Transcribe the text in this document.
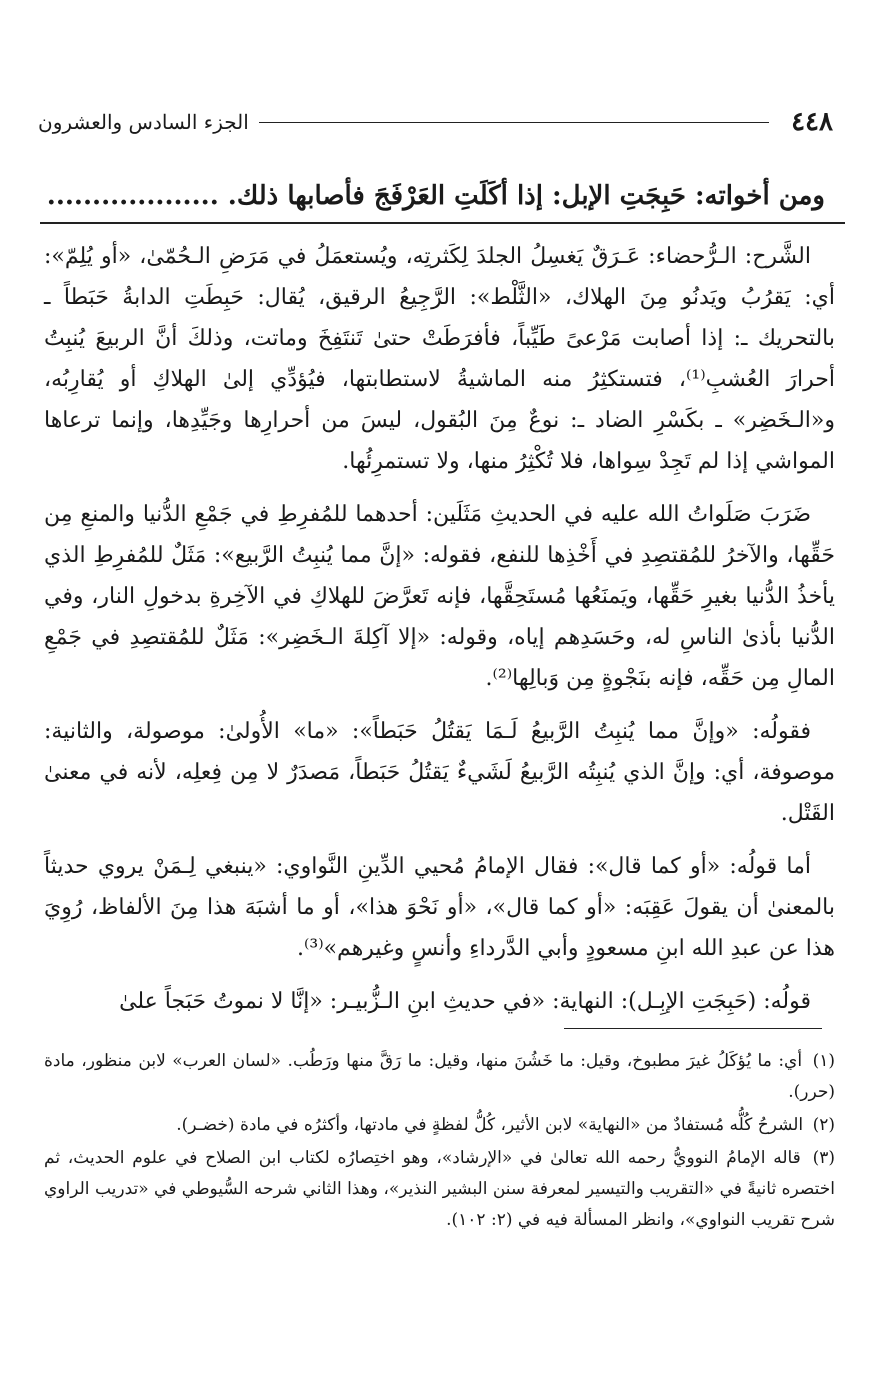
٤٤٨
الجزء السادس والعشرون
ومن أخواته: حَبِجَتِ الإبل: إذا أكَلَتِ العَرْفَجَ فأصابها ذلك. ...................

الشَّرح: الـرُّحضاء: عَـرَقٌ يَغسِلُ الجلدَ لِكَثرتِه، ويُستعمَلُ في مَرَضِ الـحُمّىٰ، «أو يُلِمّ»: أي: يَقرُبُ ويَدنُو مِنَ الهلاك، «الثَّلْط»: الرَّجِيعُ الرقيق، يُقال: حَبِطَتِ الدابةُ حَبَطاً ـ بالتحريك ـ: إذا أصابت مَرْعىً طَيِّباً، فأفرَطَتْ حتىٰ تَنتَفِخَ وماتت، وذلكَ أنَّ الربيعَ يُنبِتُ أحرارَ العُشبِ⁽¹⁾، فتستكثِرُ منه الماشيةُ لاستطابتها، فيُؤدِّي إلىٰ الهلاكِ أو يُقارِبُه، و«الـخَضِر» ـ بكَسْرِ الضاد ـ: نوعٌ مِنَ البُقول، ليسَ من أحرارِها وجَيِّدِها، وإنما ترعاها المواشي إذا لم تَجِدْ سِواها، فلا تُكْثِرُ منها، ولا تستمرِئُها.

ضَرَبَ صَلَواتُ الله عليه في الحديثِ مَثَلَين: أحدهما للمُفرِطِ في جَمْعِ الدُّنيا والمنعِ مِن حَقِّها، والآخرُ للمُقتصِدِ في أَخْذِها للنفع، فقوله: «إنَّ مما يُنبِتُ الرَّبيع»: مَثَلٌ للمُفرِطِ الذي يأخذُ الدُّنيا بغيرِ حَقِّها، ويَمنَعُها مُستَحِقَّها، فإنه تَعرَّضَ للهلاكِ في الآخِرةِ بدخولِ النار، وفي الدُّنيا بأذىٰ الناسِ له، وحَسَدِهم إياه، وقوله: «إلا آكِلةَ الـخَضِر»: مَثَلٌ للمُقتصِدِ في جَمْعِ المالِ مِن حَقِّه، فإنه بنَجْوةٍ مِن وَبالِها⁽²⁾.

فقولُه: «وإنَّ مما يُنبِتُ الرَّبيعُ لَـمَا يَقتُلُ حَبَطاً»: «ما» الأُولىٰ: موصولة، والثانية: موصوفة، أي: وإنَّ الذي يُنبِتُه الرَّبيعُ لَشَيءٌ يَقتُلُ حَبَطاً، مَصدَرٌ لا مِن فِعلِه، لأنه في معنىٰ القَتْل.

أما قولُه: «أو كما قال»: فقال الإمامُ مُحيي الدِّينِ النَّواوي: «ينبغي لِـمَنْ يروي حديثاً بالمعنىٰ أن يقولَ عَقِبَه: «أو كما قال»، «أو نَحْوَ هذا»، أو ما أشبَهَ هذا مِنَ الألفاظ، رُوِيَ هذا عن عبدِ الله ابنِ مسعودٍ وأبي الدَّرداءِ وأنسٍ وغيرهم»⁽³⁾.

قولُه: (حَبِجَتِ الإبِـل): النهاية: «في حديثِ ابنِ الـزُّبيـر: «إنَّا لا نموتُ حَبَجاً علىٰ

(١) أي: ما يُؤكَلُ غيرَ مطبوخ، وقيل: ما خَشُنَ منها، وقيل: ما رَقَّ منها ورَطُب. «لسان العرب» لابن منظور، مادة (حرر).

(٢) الشرحُ كُلُّه مُستفادٌ من «النهاية» لابن الأثير، كُلُّ لفظةٍ في مادتها، وأكثرُه في مادة (خضـر).

(٣) قاله الإمامُ النوويُّ رحمه الله تعالىٰ في «الإرشاد»، وهو اختِصارُه لكتاب ابن الصلاح في علوم الحديث، ثم اختصره ثانيةً في «التقريب والتيسير لمعرفة سنن البشير النذير»، وهذا الثاني شرحه السُّيوطي في «تدريب الراوي شرح تقريب النواوي»، وانظر المسألة فيه في (٢: ١٠٢).
